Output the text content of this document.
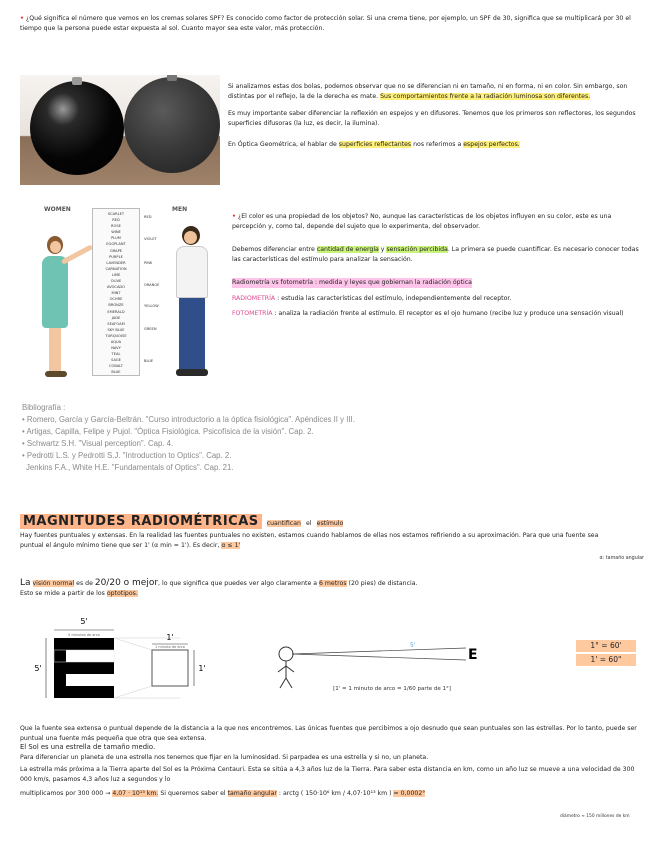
• ¿Qué significa el número que vemos en los cremas solares SPF? Es conocido como factor de protección solar. Si una crema tiene, por ejemplo, un SPF de 30, significa que se multiplicará por 30 el tiempo que la persona puede estar expuesta al sol. Cuanto mayor sea este valor, más protección.
Si analizamos estas dos bolas, podemos observar que no se diferencian ni en tamaño, ni en forma, ni en color. Sin embargo, son distintas por el reflejo, la de la derecha es mate. Sus comportamientos frente a la radiación luminosa son diferentes.
Es muy importante saber diferenciar la reflexión en espejos y en difusores. Tenemos que los primeros son reflectores, los segundos superficies difusoras (la luz, es decir, la ilumina).
En Óptica Geométrica, el hablar de superficies reflectantes nos referimos a espejos perfectos.
WOMEN	MEN
SCARLET
RED
ROSE
WINE
PLUM
EGGPLANT
GRAPE
PURPLE
LAVENDER
CARNATION
LIME
OLIVE
AVOCADO
MINT
OCHRE
BRONZE
EMERALD
JADE
SEAFOAM
SKY BLUE
TURQUOISE
AQUA
NAVY
TEAL
SAGE
COBALT
BLUE
RED
VIOLET
PINK
ORANGE
YELLOW
GREEN
BLUE
• ¿El color es una propiedad de los objetos? No, aunque las características de los objetos influyen en su color, este es una percepción y, como tal, depende del sujeto que lo experimenta, del observador.
Debemos diferenciar entre cantidad de energía y sensación percibida. La primera se puede cuantificar. Es necesario conocer todas las características del estímulo para analizar la sensación.
Radiometría vs fotometría : medida y leyes que gobiernan la radiación óptica
RADIOMETRÍA : estudia las características del estímulo, independientemente del receptor.
FOTOMETRÍA : analiza la radiación frente al estímulo. El receptor es el ojo humano (recibe luz y produce una sensación visual)
Bibliografía :
• Romero, García y García-Beltrán. "Curso introductorio a la óptica fisiológica". Apéndices II y III.
• Artigas, Capilla, Felipe y Pujol. "Óptica Fisiológica. Psicofísica de la visión". Cap. 2.
• Schwartz S.H. "Visual perception". Cap. 4.
• Pedrotti L.S. y Pedrotti S.J. "Introduction to Optics". Cap. 2.
Jenkins F.A., White H.E. "Fundamentals of Optics". Cap. 21.
MAGNITUDES RADIOMÉTRICAS cuantifican el estímulo
Hay fuentes puntuales y extensas. En la realidad las fuentes puntuales no existen, estamos cuando hablamos de ellas nos estamos refiriendo a su aproximación. Para que una fuente sea puntual el ángulo mínimo tiene que ser 1' (α min = 1'). Es decir, α ≤ 1'
α: tamaño angular
La visión normal es de 20/20 o mejor, lo que significa que puedes ver algo claramente a 6 metros (20 pies) de distancia.
Esto se mide a partir de los optotipos.
5'
5 minutos de arco	1'
1 minuto de arco
5'	1'
5'
E
[1' = 1 minuto de arco = 1/60 parte de 1°]
1° = 60'
1' = 60"
Que la fuente sea extensa o puntual depende de la distancia a la que nos encontremos. Las únicas fuentes que percibimos a ojo desnudo que sean puntuales son las estrellas. Por lo tanto, puede ser puntual una fuente más pequeña que otra que sea extensa.
El Sol es una estrella de tamaño medio.
Para diferenciar un planeta de una estrella nos tenemos que fijar en la luminosidad. Si parpadea es una estrella y si no, un planeta.
La estrella más próxima a la Tierra aparte del Sol es la Próxima Centauri. Esta se sitúa a 4,3 años luz de la Tierra. Para saber esta distancia en km, como un año luz se mueve a una velocidad de 300 000 km/s, pasamos 4,3 años luz a segundos y lo
multiplicamos por 300 000 → 4,07 · 10¹³ km. Si queremos saber el tamaño angular : arctg ( 150·10⁶ km / 4,07·10¹³ km ) = 0,0002°
diámetro ≈ 150 millones de km
